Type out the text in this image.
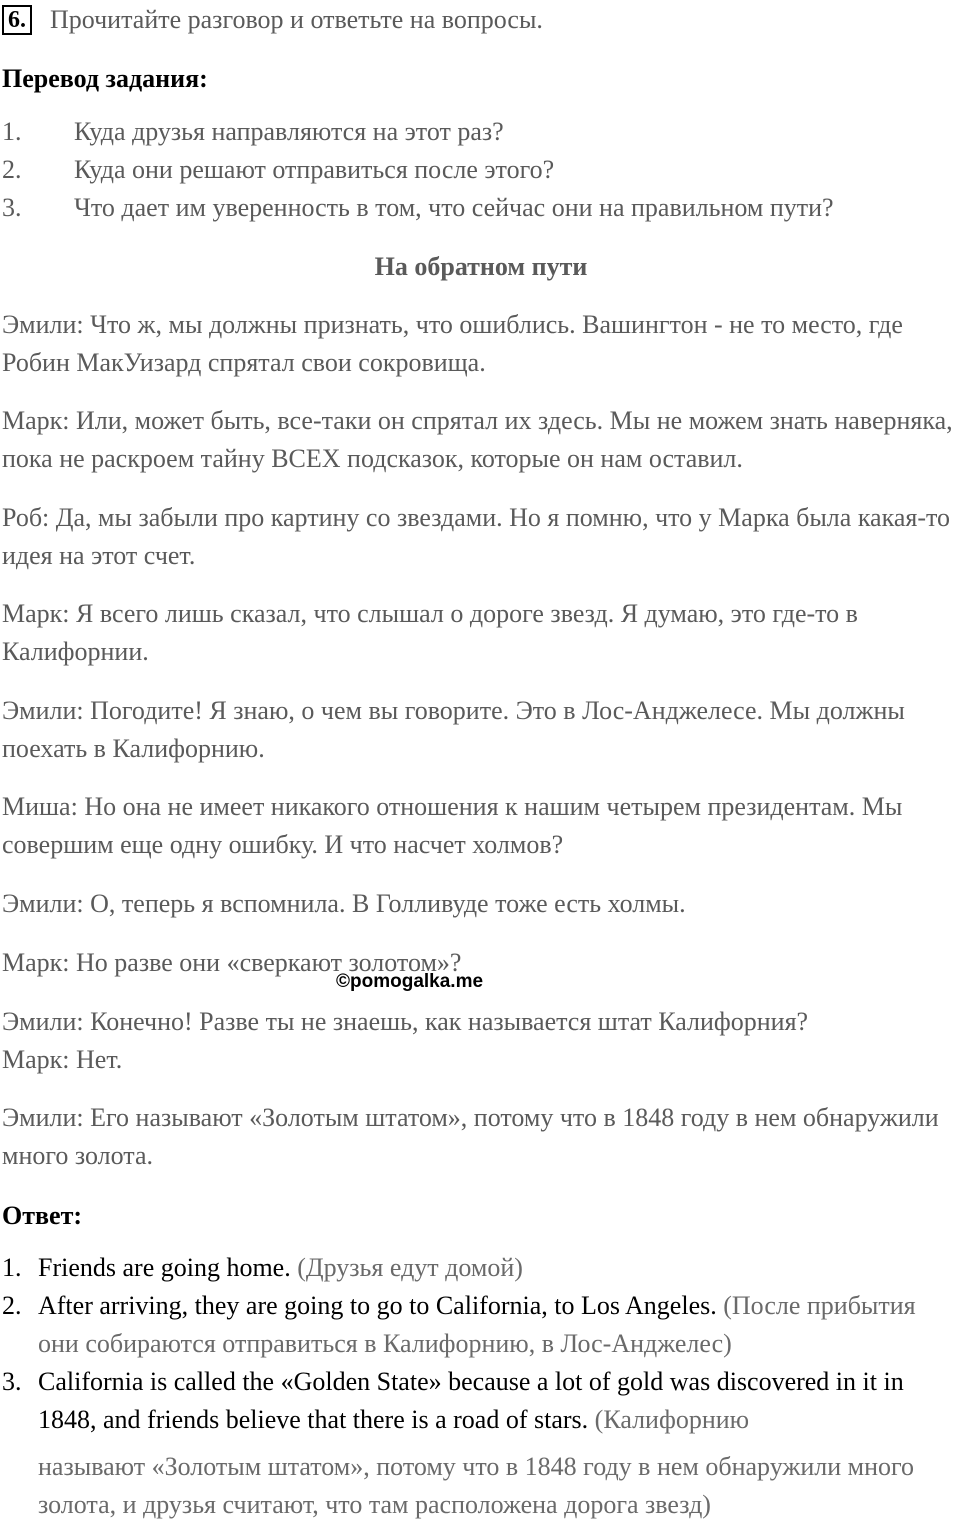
6. Прочитайте разговор и ответьте на вопросы.
Перевод задания:
1.	Куда друзья направляются на этот раз?
2.	Куда они решают отправиться после этого?
3.	Что дает им уверенность в том, что сейчас они на правильном пути?
На обратном пути

Эмили: Что ж, мы должны признать, что ошиблись. Вашингтон - не то место, где Робин МакУизард спрятал свои сокровища.

Марк: Или, может быть, все-таки он спрятал их здесь. Мы не можем знать наверняка, пока не раскроем тайну ВСЕХ подсказок, которые он нам оставил.

Роб: Да, мы забыли про картину со звездами. Но я помню, что у Марка была какая-то идея на этот счет.

Марк: Я всего лишь сказал, что слышал о дороге звезд. Я думаю, это где-то в Калифорнии.

Эмили: Погодите! Я знаю, о чем вы говорите. Это в Лос-Анджелесе. Мы должны поехать в Калифорнию.

Миша: Но она не имеет никакого отношения к нашим четырем президентам. Мы совершим еще одну ошибку. И что насчет холмов?

Эмили: О, теперь я вспомнила. В Голливуде тоже есть холмы.

Марк: Но разве они «сверкают золотом»?

©pomogalka.me

Эмили: Конечно! Разве ты не знаешь, как называется штат Калифорния?

Марк: Нет.

Эмили: Его называют «Золотым штатом», потому что в 1848 году в нем обнаружили много золота.

Ответ:
1. Friends are going home. (Друзья едут домой)
2. After arriving, they are going to go to California, to Los Angeles. (После прибытия они собираются отправиться в Калифорнию, в Лос-Анджелес)
3. California is called the «Golden State» because a lot of gold was discovered in it in 1848, and friends believe that there is a road of stars. (Калифорнию
называют «Золотым штатом», потому что в 1848 году в нем обнаружили много золота, и друзья считают, что там расположена дорога звезд)
